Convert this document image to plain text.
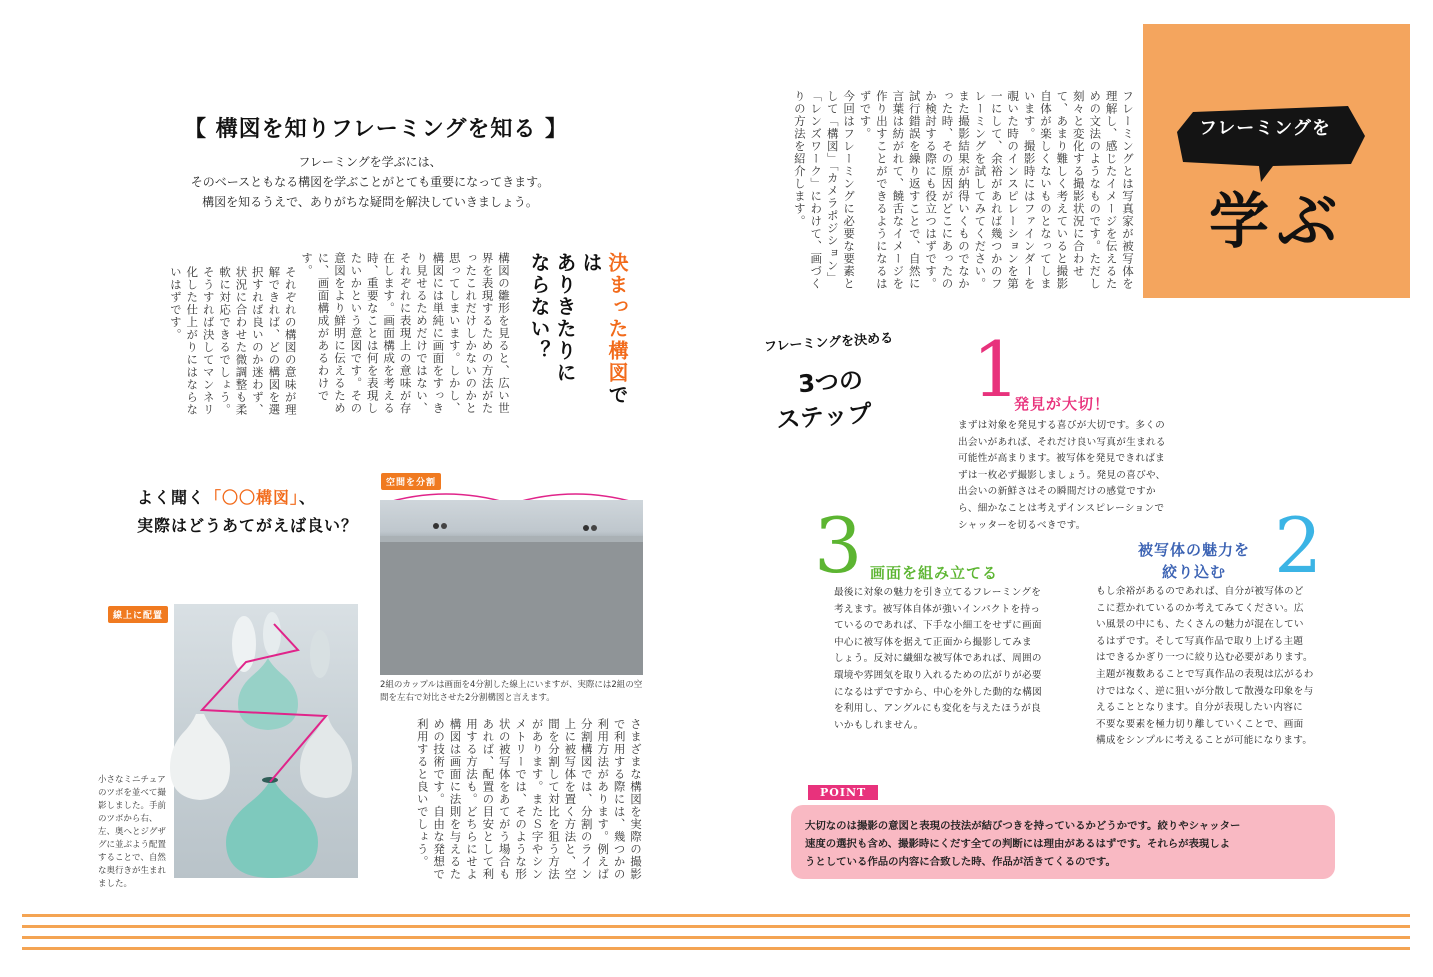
【 構図を知りフレーミングを知る 】
フレーミングを学ぶには、
そのベースともなる構図を学ぶことがとても重要になってきます。
構図を知るうえで、ありがちな疑問を解決していきましょう。
決まった構図では
ありきたりに
ならない？

構図の雛形を見ると、広い世界を表現するための方法がたったこれだけしかないのかと思ってしまいます。しかし、構図には単純に画面をすっきり見せるためだけではない、それぞれに表現上の意味が存在します。画面構成を考える時、重要なことは何を表現したいかという意図です。その意図をより鮮明に伝えるために、画面構成があるわけです。

それぞれの構図の意味が理解できれば、どの構図を選択すれば良いのか迷わず、状況に合わせた微調整も柔軟に対応できるでしょう。そうすれば決してマンネリ化した仕上がりにはならないはずです。

よく聞く「〇〇構図」、
実際はどうあてがえば良い？
線上に配置
小さなミニチュアのツボを並べて撮影しました。手前のツボから右、左、奥へとジグザグに並ぶよう配置することで、自然な奥行きが生まれました。
空間を分割
2組のカップルは画面を4分割した線上にいますが、実際には2組の空間を左右で対比させた2分割構図と言えます。

さまざまな構図を実際の撮影で利用する際には、幾つかの利用方法があります。例えば分割構図では、分割のライン上に被写体を置く方法と、空間を分割して対比を狙う方法があります。またＳ字やシンメトリーでは、そのような形状の被写体をあてがう場合もあれば、配置の目安として利用する方法も。どちらにせよ構図は画面に法則を与えるための技術です。自由な発想で利用すると良いでしょう。

フレーミングを
学ぶ

フレーミングとは写真家が被写体を理解し、感じたイメージを伝えるための文法のようなものです。ただし刻々と変化する撮影状況に合わせて、あまり難しく考えていると撮影自体が楽しくないものとなってしまいます。撮影時にはファインダーを覗いた時のインスピレーションを第一にして、余裕があれば幾つかのフレーミングを試してみてください。

また撮影結果が納得いくものでなかった時、その原因がどこにあったのか検討する際にも役立つはずです。試行錯誤を繰り返すことで、自然に言葉は紡がれて、饒舌なイメージを作り出すことができるようになるはずです。

今回はフレーミングに必要な要素として「構図」「カメラポジション」「レンズワーク」にわけて、画づくりの方法を紹介します。

フレーミングを決める
3つの
ステップ
1
発見が大切！
まずは対象を発見する喜びが大切です。多くの
出会いがあれば、それだけ良い写真が生まれる
可能性が高まります。被写体を発見できればま
ずは一枚必ず撮影しましょう。発見の喜びや、
出会いの新鮮さはその瞬間だけの感覚ですか
ら、細かなことは考えずインスピレーションで
シャッターを切るべきです。	2
被写体の魅力を
絞り込む
もし余裕があるのであれば、自分が被写体のど
こに惹かれているのか考えてみてください。広
い風景の中にも、たくさんの魅力が混在してい
るはずです。そして写真作品で取り上げる主題
はできるかぎり一つに絞り込む必要があります。
主題が複数あることで写真作品の表現は広がるわ
けではなく、逆に狙いが分散して散漫な印象を与
えることとなります。自分が表現したい内容に
不要な要素を極力切り離していくことで、画面
構成をシンプルに考えることが可能になります。
3 画面を組み立てる
最後に対象の魅力を引き立てるフレーミングを
考えます。被写体自体が強いインパクトを持っ
ているのであれば、下手な小細工をせずに画面
中心に被写体を据えて正面から撮影してみま
しょう。反対に繊細な被写体であれば、周囲の
環境や雰囲気を取り入れるための広がりが必要
になるはずですから、中心を外した動的な構図
を利用し、アングルにも変化を与えたほうが良
いかもしれません。
POINT
大切なのは撮影の意図と表現の技法が結びつきを持っているかどうかです。絞りやシャッター
速度の選択も含め、撮影時にくだす全ての判断には理由があるはずです。それらが表現しよ
うとしている作品の内容に合致した時、作品が活きてくるのです。
